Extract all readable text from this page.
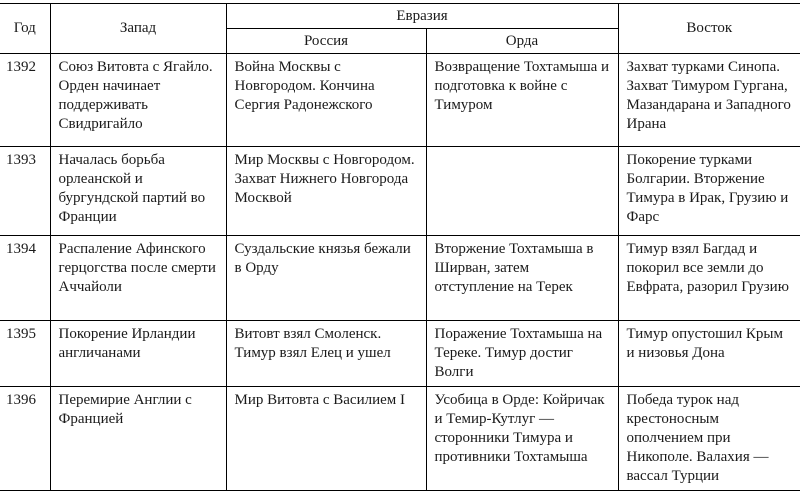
Год	Запад	Евразия		Восток
		Россия	Орда	
1392	Союз Витовта с Ягайло. Орден начинает поддерживать Свидригайло	Война Москвы с Новгородом. Кончина Сергия Радонежского	Возвращение Тохтамыша и подготовка к войне с Тимуром	Захват турками Синопа. Захват Тимуром Гургана, Мазандарана и Западного Ирана
1393	Началась борьба орлеанской и бургундской партий во Франции	Мир Москвы с Новгородом. Захват Нижнего Новгорода Москвой		Покорение турками Болгарии. Вторжение Тимура в Ирак, Грузию и Фарс
1394	Распаление Афинского герцогства после смерти Аччайоли	Суздальские князья бежали в Орду	Вторжение Тохтамыша в Ширван, затем отступление на Терек	Тимур взял Багдад и покорил все земли до Евфрата, разорил Грузию
1395	Покорение Ирландии англичанами	Витовт взял Смоленск. Тимур взял Елец и ушел	Поражение Тохтамыша на Тереке. Тимур достиг Волги	Тимур опустошил Крым и низовья Дона
1396	Перемирие Англии с Францией	Мир Витовта с Василием I	Усобица в Орде: Койричак и Темир-Кутлуг — сторонники Тимура и противники Тохтамыша	Победа турок над крестоносным ополчением при Никополе. Валахия — вассал Турции
